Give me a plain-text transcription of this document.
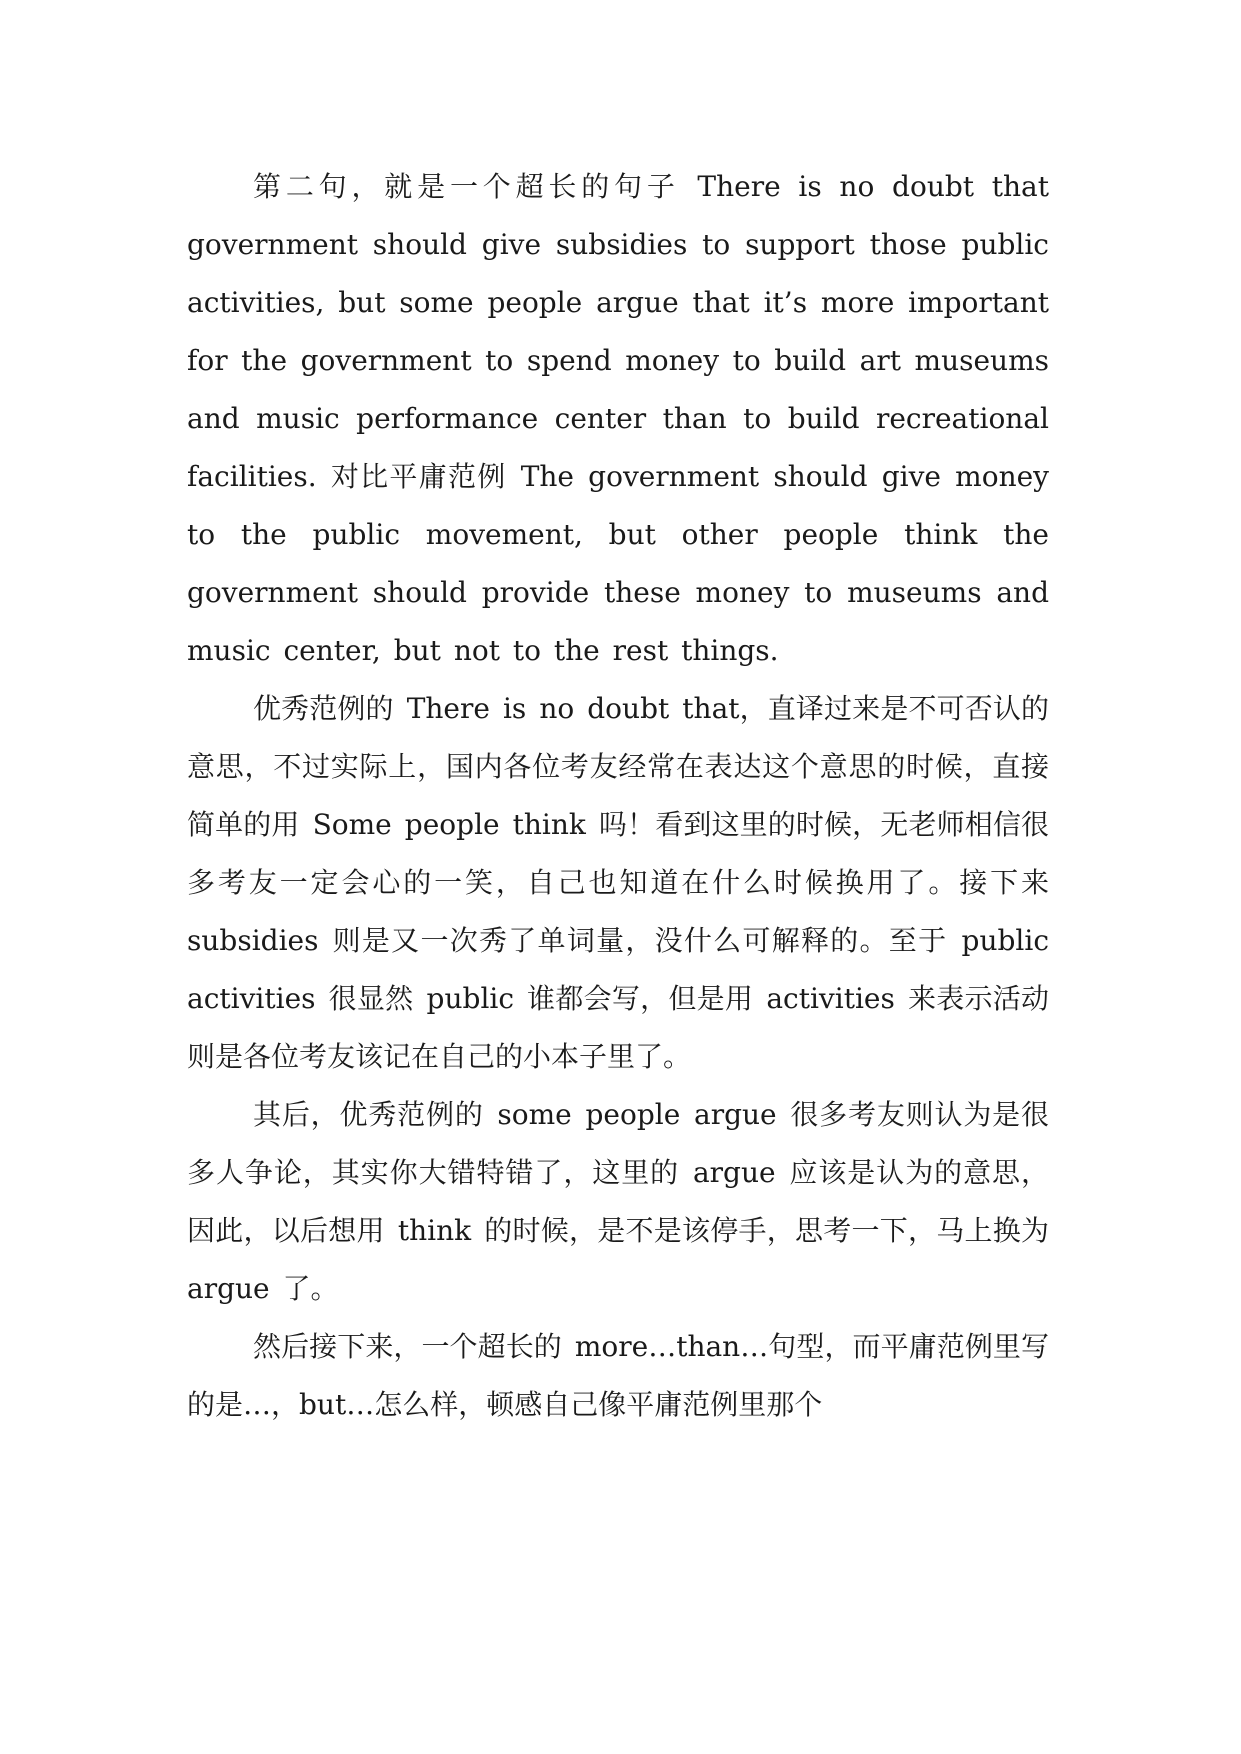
第二句，就是一个超长的句子 There is no doubt that government should give subsidies to support those public activities, but some people argue that it’s more important for the government to spend money to build art museums and music performance center than to build recreational facilities. 对比平庸范例 The government should give money to the public movement, but other people think the government should provide these money to museums and music center, but not to the rest things.

优秀范例的 There is no doubt that，直译过来是不可否认的意思，不过实际上，国内各位考友经常在表达这个意思的时候，直接简单的用 Some people think 吗！看到这里的时候，无老师相信很多考友一定会心的一笑，自己也知道在什么时候换用了。接下来 subsidies 则是又一次秀了单词量，没什么可解释的。至于 public activities 很显然 public 谁都会写，但是用 activities 来表示活动则是各位考友该记在自己的小本子里了。

其后，优秀范例的 some people argue 很多考友则认为是很多人争论，其实你大错特错了，这里的 argue 应该是认为的意思，因此，以后想用 think 的时候，是不是该停手，思考一下，马上换为 argue 了。

然后接下来，一个超长的 more…than…句型，而平庸范例里写的是…，but…怎么样，顿感自己像平庸范例里那个
